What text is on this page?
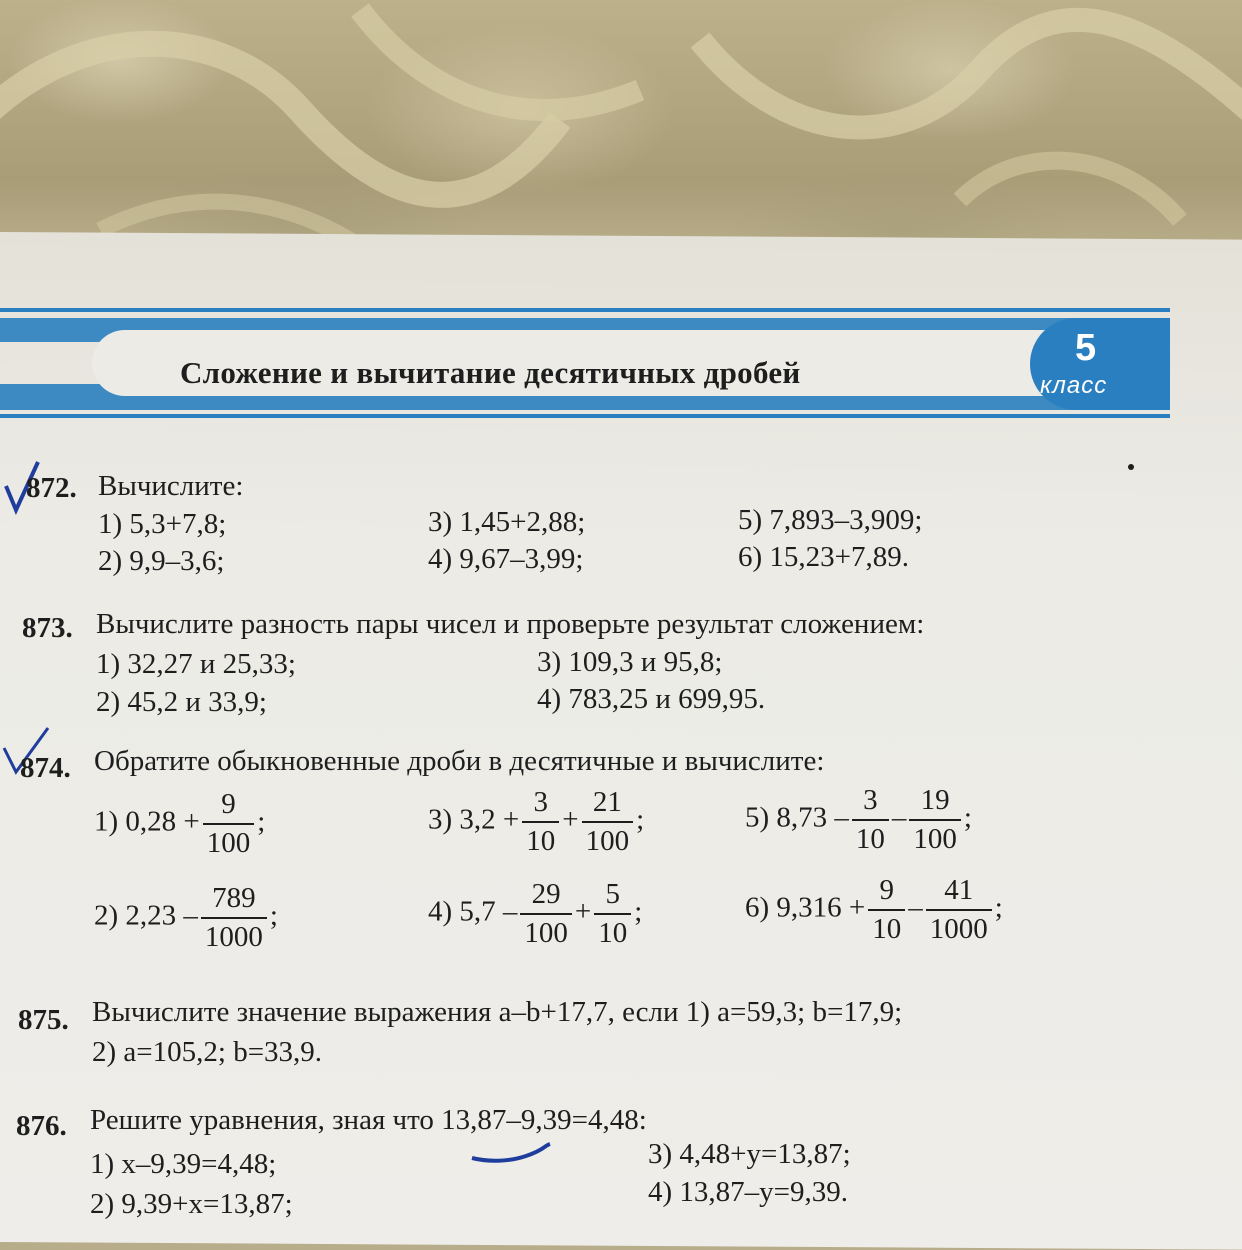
Сложение и вычитание десятичных дробей
5
класс
872. Вычислите:
1) 5,3+7,8;
2) 9,9–3,6;
3) 1,45+2,88;
4) 9,67–3,99;
5) 7,893–3,909;
6) 15,23+7,89.
873. Вычислите разность пары чисел и проверьте результат сложением:
1) 32,27 и 25,33;
2) 45,2 и 33,9;
3) 109,3 и 95,8;
4) 783,25 и 699,95.
874. Обратите обыкновенные дроби в десятичные и вычислите:
1) $0,28 + \frac{9}{100}$ ;
2) $2,23 - \frac{789}{1000}$ ;
3) $3,2 + \frac{3}{10} + \frac{21}{100}$ ;
4) $5,7 - \frac{29}{100} + \frac{5}{10}$ ;
5) $8,73 - \frac{3}{10} - \frac{19}{100}$ ;
6) $9,316 + \frac{9}{10} - \frac{41}{1000}$ ;
875. Вычислите значение выражения a–b+17,7, если 1) a=59,3; b=17,9;
2) a=105,2; b=33,9.
876. Решите уравнения, зная что 13,87–9,39=4,48:
1) x–9,39=4,48;
2) 9,39+x=13,87;
3) 4,48+y=13,87;
4) 13,87–y=9,39.
